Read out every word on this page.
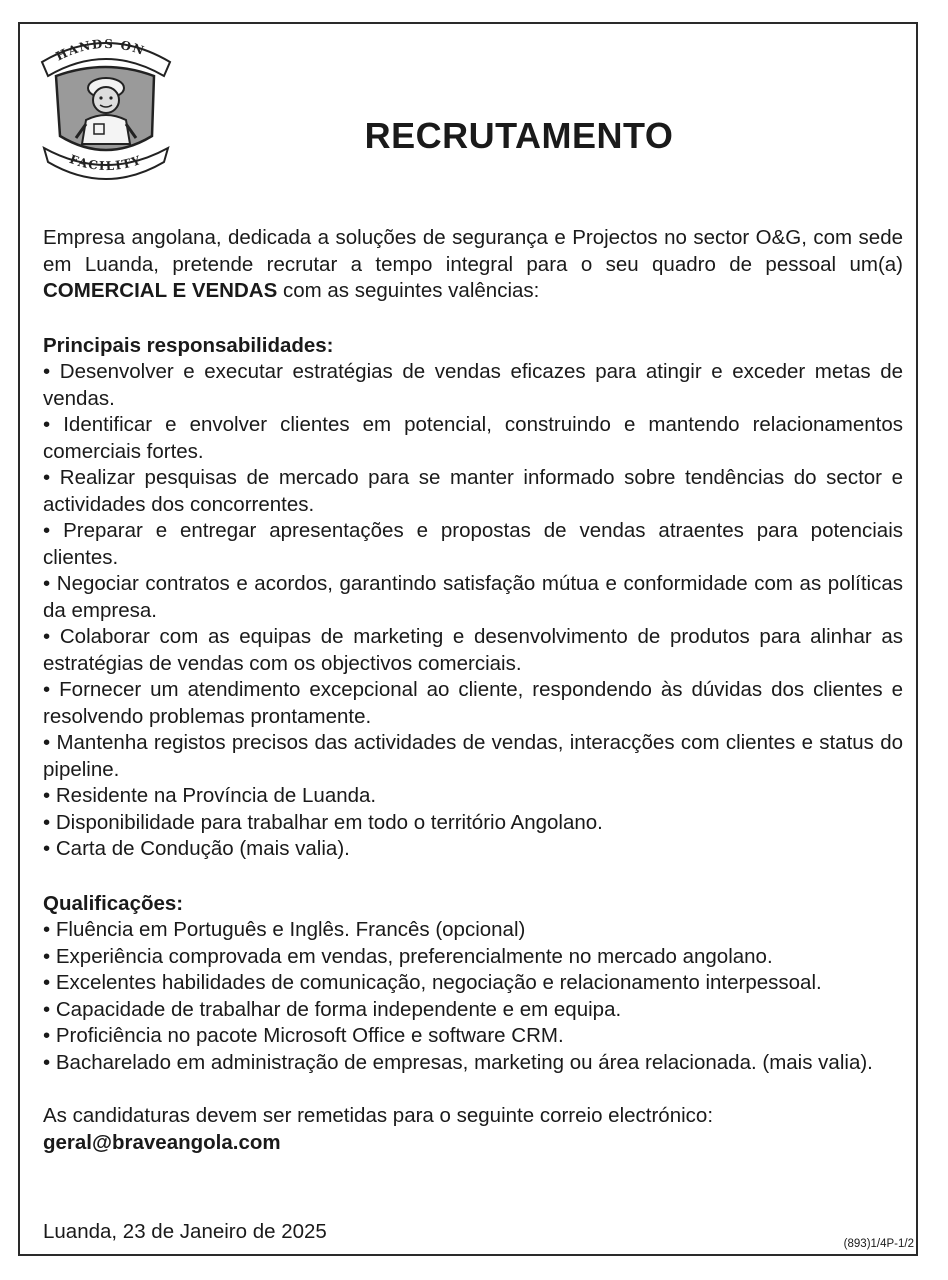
HANDS ON
FACILITY
RECRUTAMENTO

Empresa angolana, dedicada a soluções de segurança e Projectos no sector O&G, com sede em Luanda, pretende recrutar a tempo integral para o seu quadro de pessoal um(a) COMERCIAL E VENDAS com as seguintes valências:

Principais responsabilidades:

• Desenvolver e executar estratégias de vendas eficazes para atingir e exceder metas de vendas.
• Identificar e envolver clientes em potencial, construindo e mantendo relacionamentos comerciais fortes.
• Realizar pesquisas de mercado para se manter informado sobre tendências do sector e actividades dos concorrentes.
• Preparar e entregar apresentações e propostas de vendas atraentes para potenciais clientes.
• Negociar contratos e acordos, garantindo satisfação mútua e conformidade com as políticas da empresa.
• Colaborar com as equipas de marketing e desenvolvimento de produtos para alinhar as estratégias de vendas com os objectivos comerciais.
• Fornecer um atendimento excepcional ao cliente, respondendo às dúvidas dos clientes e resolvendo problemas prontamente.
• Mantenha registos precisos das actividades de vendas, interacções com clientes e status do pipeline.
• Residente na Província de Luanda.
• Disponibilidade para trabalhar em todo o território Angolano.
• Carta de Condução (mais valia).

Qualificações:

• Fluência em Português e Inglês. Francês (opcional)
• Experiência comprovada em vendas, preferencialmente no mercado angolano.
• Excelentes habilidades de comunicação, negociação e relacionamento interpessoal.
• Capacidade de trabalhar de forma independente e em equipa.
• Proficiência no pacote Microsoft Office e software CRM.
• Bacharelado em administração de empresas, marketing ou área relacionada. (mais valia).

As candidaturas devem ser remetidas para o seguinte correio electrónico:

geral@braveangola.com

Luanda, 23 de Janeiro de 2025
(893)1/4P-1/2
